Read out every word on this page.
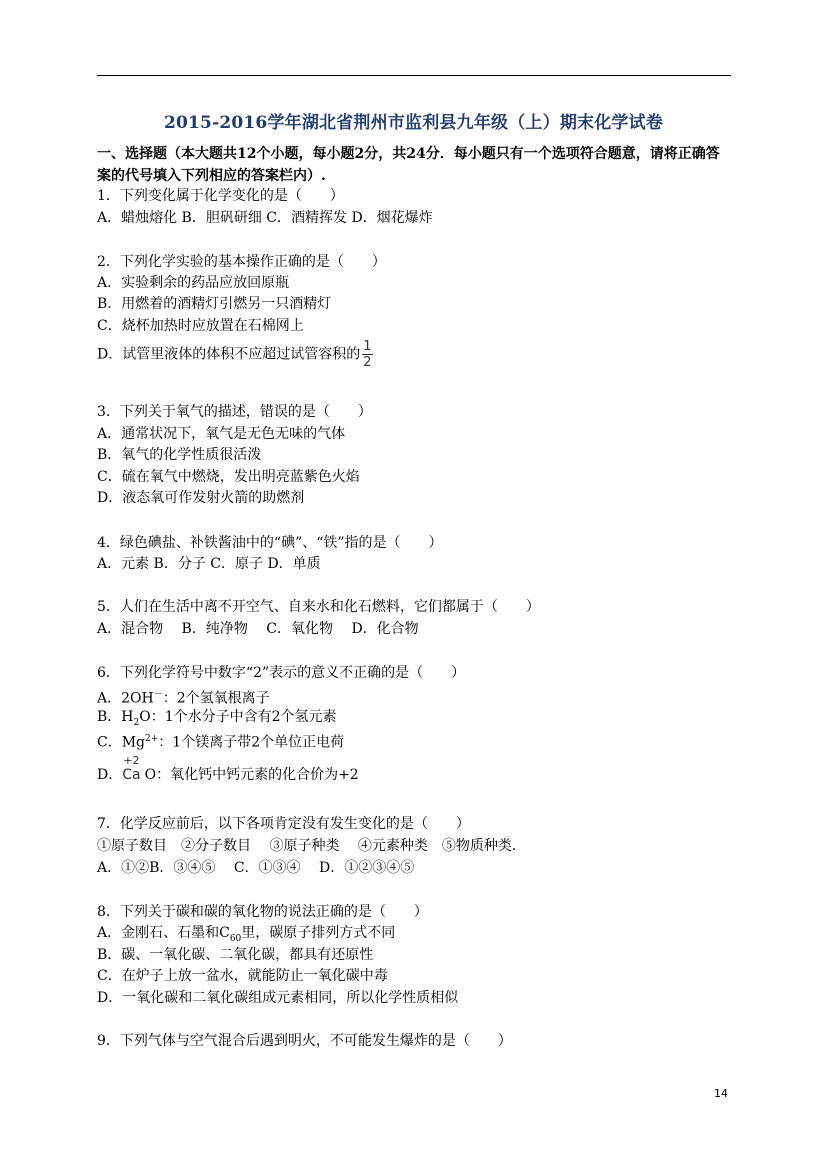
2015-2016学年湖北省荆州市监利县九年级（上）期末化学试卷
一、选择题（本大题共12个小题，每小题2分，共24分．每小题只有一个选项符合题意，请将正确答案的代号填入下列相应的答案栏内）.
1．下列变化属于化学变化的是（　　）
A．蜡烛熔化 B．胆矾研细 C．酒精挥发 D．烟花爆炸
2．下列化学实验的基本操作正确的是（　　）
A．实验剩余的药品应放回原瓶
B．用燃着的酒精灯引燃另一只酒精灯
C．烧杯加热时应放置在石棉网上
D．试管里液体的体积不应超过试管容积的 $\frac{1}{2}$
3．下列关于氧气的描述，错误的是（　　）
A．通常状况下，氧气是无色无味的气体
B．氧气的化学性质很活泼
C．硫在氧气中燃烧，发出明亮蓝紫色火焰
D．液态氧可作发射火箭的助燃剂
4．绿色碘盐、补铁酱油中的“碘”、“铁”指的是（　　）
A．元素 B．分子 C．原子 D．单质
5．人们在生活中离不开空气、自来水和化石燃料，它们都属于（　　）
A．混合物　 B．纯净物　 C．氧化物　 D．化合物
6．下列化学符号中数字“2”表示的意义不正确的是（　　）
A．2OH－：2个氢氧根离子
B．$H_2O$：1个水分子中含有2个氢元素
C．$Mg^{2+}$：1个镁离子带2个单位正电荷
D．
+2
Ca O：氧化钙中钙元素的化合价为+2
7．化学反应前后，以下各项肯定没有发生变化的是（　　）
①原子数目　②分子数目　 ③原子种类　 ④元素种类　⑤物质种类．
A．①②B．③④⑤　 C．①③④　 D．①②③④⑤
8．下列关于碳和碳的氧化物的说法正确的是（　　）
A．金刚石、石墨和$C_{60}$里，碳原子排列方式不同
B．碳、一氧化碳、二氧化碳，都具有还原性
C．在炉子上放一盆水，就能防止一氧化碳中毒
D．一氧化碳和二氧化碳组成元素相同，所以化学性质相似
9．下列气体与空气混合后遇到明火，不可能发生爆炸的是（　　）
14
